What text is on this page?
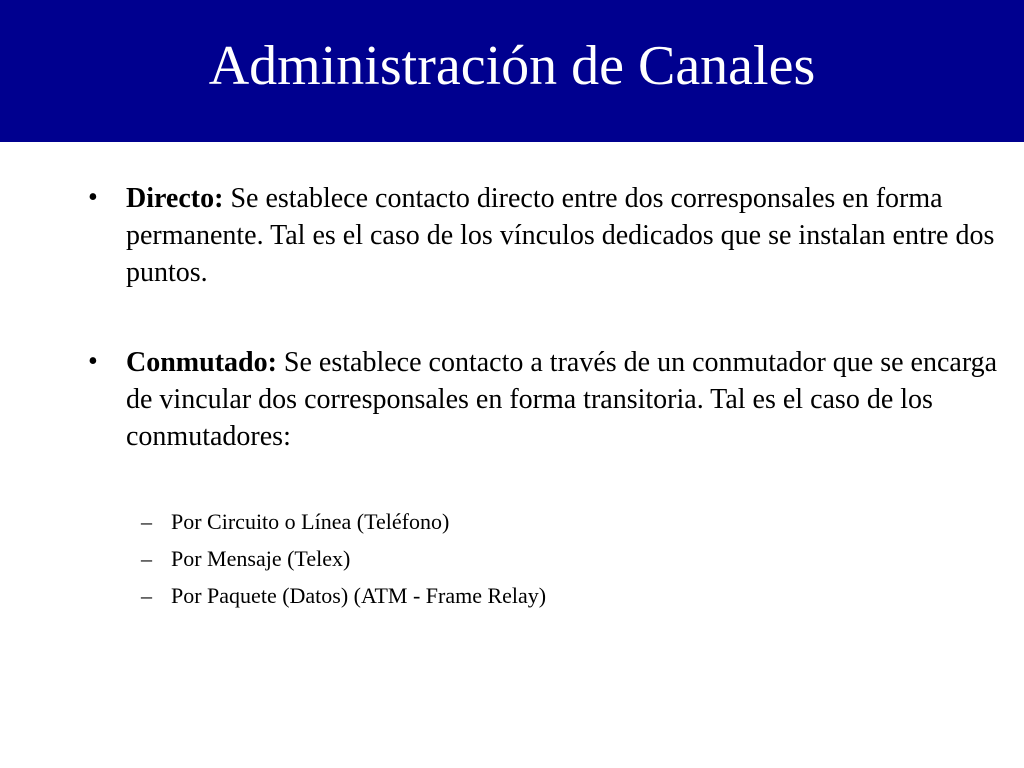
Administración de Canales
• Directo: Se establece contacto directo entre dos corresponsales en forma permanente. Tal es el caso de los vínculos dedicados que se instalan entre dos puntos.
• Conmutado: Se establece contacto a través de un conmutador que se encarga de vincular dos corresponsales en forma transitoria. Tal es el caso de los conmutadores:
– Por Circuito o Línea (Teléfono)
– Por Mensaje (Telex)
– Por Paquete (Datos) (ATM - Frame Relay)
